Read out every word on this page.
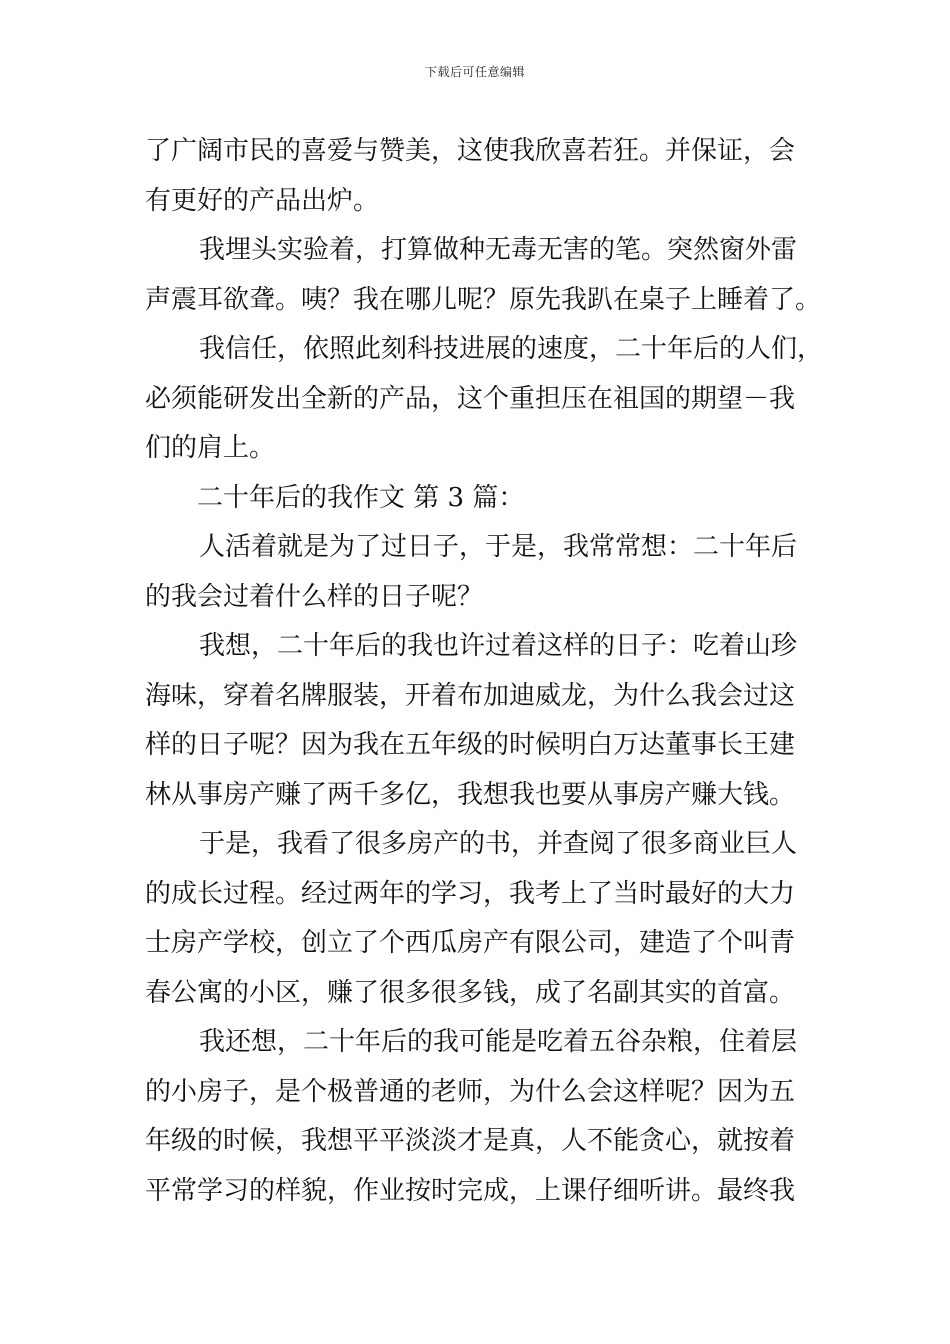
下载后可任意编辑
了广阔市民的喜爱与赞美，这使我欣喜若狂。并保证，会
有更好的产品出炉。
我埋头实验着，打算做种无毒无害的笔。突然窗外雷
声震耳欲聋。咦？我在哪儿呢？原先我趴在桌子上睡着了。
我信任，依照此刻科技进展的速度，二十年后的人们，
必须能研发出全新的产品，这个重担压在祖国的期望－我
们的肩上。
二十年后的我作文 第 3 篇：
人活着就是为了过日子，于是，我常常想：二十年后
的我会过着什么样的日子呢？
我想，二十年后的我也许过着这样的日子：吃着山珍
海味，穿着名牌服装，开着布加迪威龙，为什么我会过这
样的日子呢？因为我在五年级的时候明白万达董事长王建
林从事房产赚了两千多亿，我想我也要从事房产赚大钱。
于是，我看了很多房产的书，并查阅了很多商业巨人
的成长过程。经过两年的学习，我考上了当时最好的大力
士房产学校，创立了个西瓜房产有限公司，建造了个叫青
春公寓的小区，赚了很多很多钱，成了名副其实的首富。
我还想，二十年后的我可能是吃着五谷杂粮，住着层
的小房子，是个极普通的老师，为什么会这样呢？因为五
年级的时候，我想平平淡淡才是真，人不能贪心，就按着
平常学习的样貌，作业按时完成，上课仔细听讲。最终我
